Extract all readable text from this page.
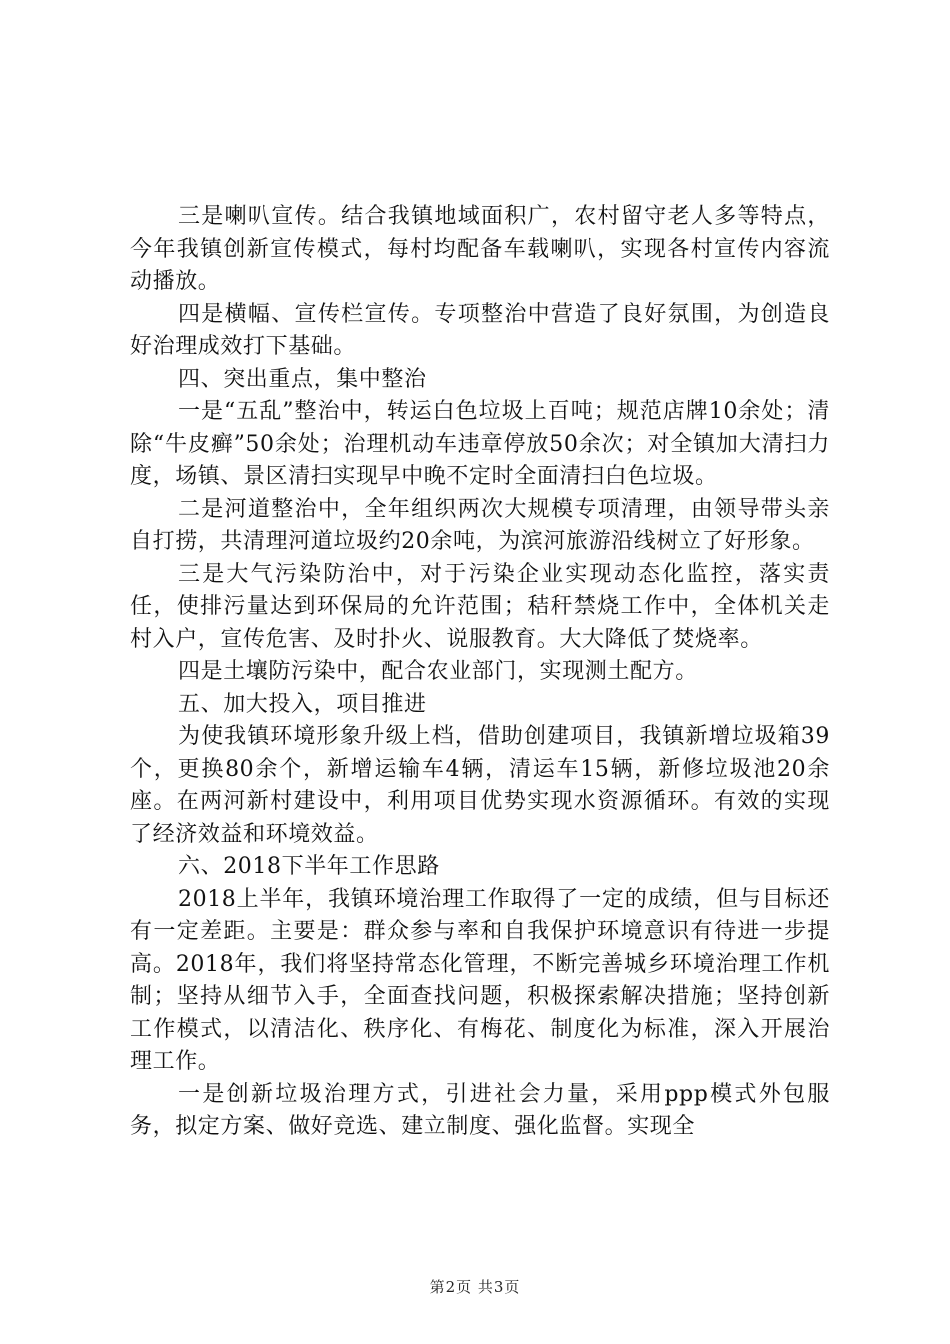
三是喇叭宣传。结合我镇地域面积广，农村留守老人多等特点，今年我镇创新宣传模式，每村均配备车载喇叭，实现各村宣传内容流动播放。

四是横幅、宣传栏宣传。专项整治中营造了良好氛围，为创造良好治理成效打下基础。

四、突出重点，集中整治

一是“五乱”整治中，转运白色垃圾上百吨；规范店牌10余处；清除“牛皮癣”50余处；治理机动车违章停放50余次；对全镇加大清扫力度，场镇、景区清扫实现早中晚不定时全面清扫白色垃圾。

二是河道整治中，全年组织两次大规模专项清理，由领导带头亲自打捞，共清理河道垃圾约20余吨，为滨河旅游沿线树立了好形象。

三是大气污染防治中，对于污染企业实现动态化监控，落实责任，使排污量达到环保局的允许范围；秸秆禁烧工作中，全体机关走村入户，宣传危害、及时扑火、说服教育。大大降低了焚烧率。

四是土壤防污染中，配合农业部门，实现测土配方。

五、加大投入，项目推进

为使我镇环境形象升级上档，借助创建项目，我镇新增垃圾箱39个，更换80余个，新增运输车4辆，清运车15辆，新修垃圾池20余座。在两河新村建设中，利用项目优势实现水资源循环。有效的实现了经济效益和环境效益。

六、2018下半年工作思路

2018上半年，我镇环境治理工作取得了一定的成绩，但与目标还有一定差距。主要是：群众参与率和自我保护环境意识有待进一步提高。2018年，我们将坚持常态化管理，不断完善城乡环境治理工作机制；坚持从细节入手，全面查找问题，积极探索解决措施；坚持创新工作模式，以清洁化、秩序化、有梅花、制度化为标准，深入开展治理工作。

一是创新垃圾治理方式，引进社会力量，采用ppp模式外包服务，拟定方案、做好竞选、建立制度、强化监督。实现全

第2页 共3页
